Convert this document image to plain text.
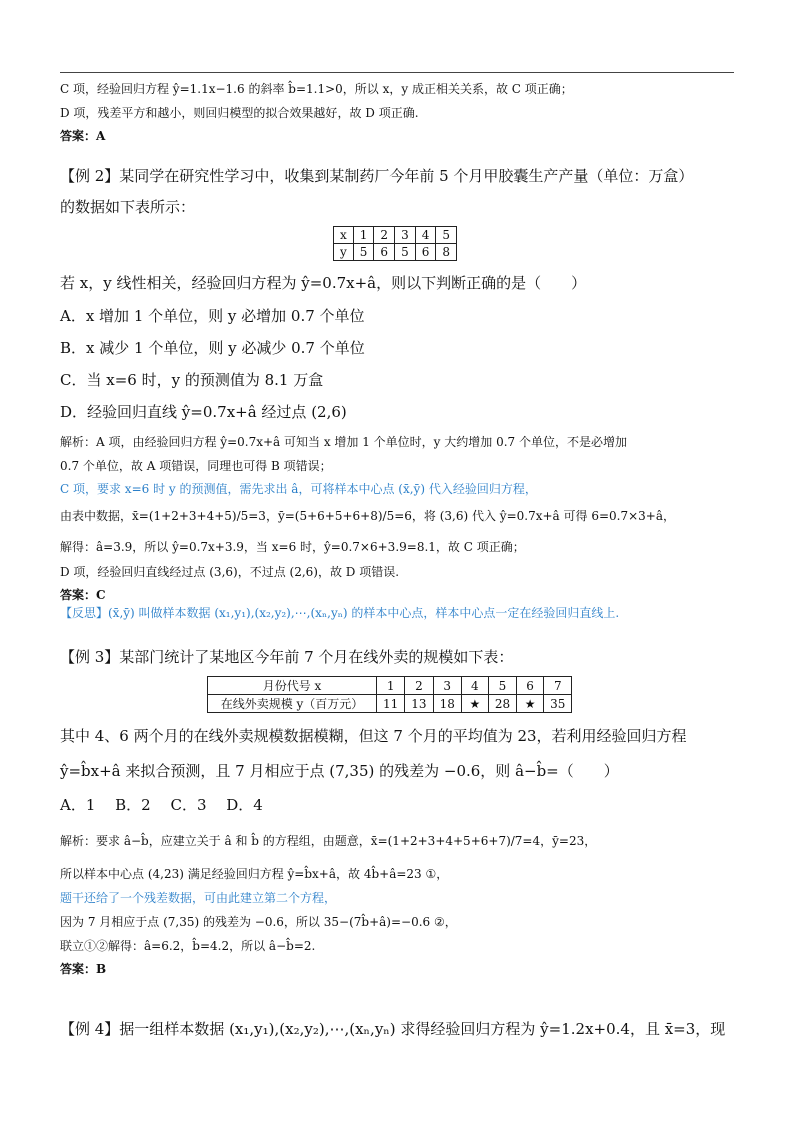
C 项，经验回归方程 ŷ=1.1x−1.6 的斜率 b̂=1.1>0，所以 x，y 成正相关关系，故 C 项正确；
D 项，残差平方和越小，则回归模型的拟合效果越好，故 D 项正确.
答案：A
【例 2】某同学在研究性学习中，收集到某制药厂今年前 5 个月甲胶囊生产产量（单位：万盒）
的数据如下表所示：
x	1	2	3	4	5
y	5	6	5	6	8
若 x，y 线性相关，经验回归方程为 ŷ=0.7x+â，则以下判断正确的是（　　）
A．x 增加 1 个单位，则 y 必增加 0.7 个单位
B．x 减少 1 个单位，则 y 必减少 0.7 个单位
C．当 x=6 时，y 的预测值为 8.1 万盒
D．经验回归直线 ŷ=0.7x+â 经过点 (2,6)
解析：A 项，由经验回归方程 ŷ=0.7x+â 可知当 x 增加 1 个单位时，y 大约增加 0.7 个单位，不是必增加
0.7 个单位，故 A 项错误，同理也可得 B 项错误；
C 项，要求 x=6 时 y 的预测值，需先求出 â，可将样本中心点 (x̄,ȳ) 代入经验回归方程，
由表中数据，x̄=(1+2+3+4+5)/5=3，ȳ=(5+6+5+6+8)/5=6，将 (3,6) 代入 ŷ=0.7x+â 可得 6=0.7×3+â，
解得：â=3.9，所以 ŷ=0.7x+3.9，当 x=6 时，ŷ=0.7×6+3.9=8.1，故 C 项正确；
D 项，经验回归直线经过点 (3,6)，不过点 (2,6)，故 D 项错误.
答案：C
【反思】(x̄,ȳ) 叫做样本数据 (x₁,y₁),(x₂,y₂),⋯,(xₙ,yₙ) 的样本中心点，样本中心点一定在经验回归直线上.
【例 3】某部门统计了某地区今年前 7 个月在线外卖的规模如下表：
月份代号 x	1	2	3	4	5	6	7
在线外卖规模 y（百万元）	11	13	18	★	28	★	35
其中 4、6 两个月的在线外卖规模数据模糊，但这 7 个月的平均值为 23，若利用经验回归方程
ŷ=b̂x+â 来拟合预测，且 7 月相应于点 (7,35) 的残差为 −0.6，则 â−b̂=（　　）
A．1　 B．2　 C．3　 D．4
解析：要求 â−b̂，应建立关于 â 和 b̂ 的方程组，由题意，x̄=(1+2+3+4+5+6+7)/7=4，ȳ=23，
所以样本中心点 (4,23) 满足经验回归方程 ŷ=b̂x+â，故 4b̂+â=23 ①，
题干还给了一个残差数据，可由此建立第二个方程，
因为 7 月相应于点 (7,35) 的残差为 −0.6，所以 35−(7b̂+â)=−0.6 ②，
联立①②解得：â=6.2，b̂=4.2，所以 â−b̂=2.
答案：B
【例 4】据一组样本数据 (x₁,y₁),(x₂,y₂),⋯,(xₙ,yₙ) 求得经验回归方程为 ŷ=1.2x+0.4，且 x̄=3，现
